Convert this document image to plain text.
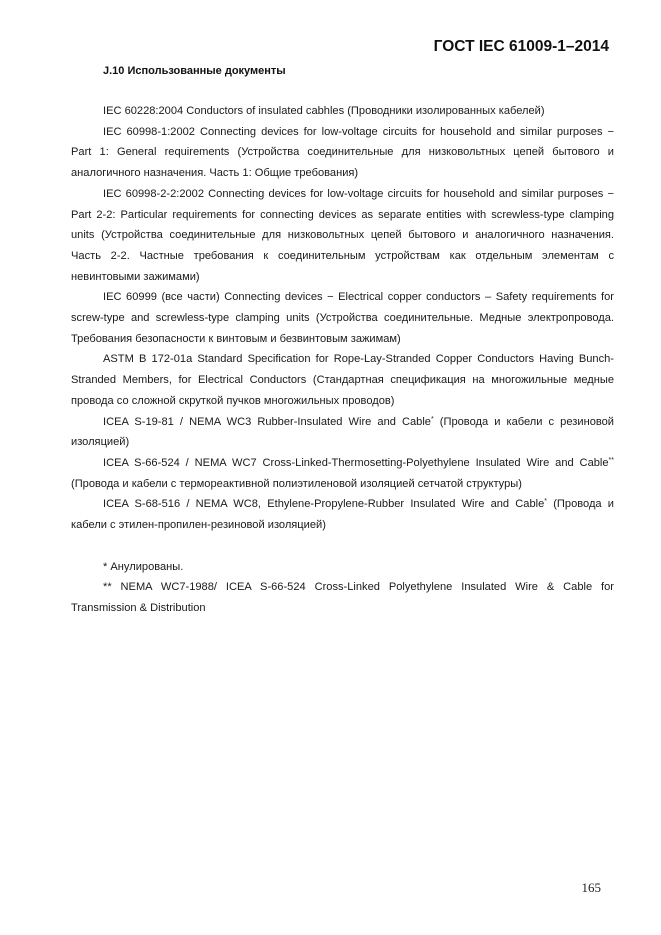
ГОСТ IEC 61009-1–2014
J.10 Использованные документы

IEC 60228:2004 Conductors of insulated cabhles (Проводники изолированных кабелей)

IEC 60998-1:2002 Connecting devices for low-voltage circuits for household and similar purposes − Part 1: General requirements (Устройства соединительные для низковольтных цепей бытового и аналогичного назначения. Часть 1: Общие требования)

IEC 60998-2-2:2002 Connecting devices for low-voltage circuits for household and similar purposes − Part 2-2: Particular requirements for connecting devices as separate entities with screwless-type clamping units (Устройства соединительные для низковольтных цепей бытового и аналогичного назначения. Часть 2-2. Частные требования к соединительным устройствам как отдельным элементам с невинтовыми зажимами)

IEC 60999 (все части) Connecting devices − Electrical copper conductors – Safety requirements for screw-type and screwless-type clamping units (Устройства соединительные. Медные электропровода. Требования безопасности к винтовым и безвинтовым зажимам)

ASTM B 172-01a Standard Specification for Rope-Lay-Stranded Copper Conductors Having Bunch-Stranded Members, for Electrical Conductors (Стандартная спецификация на многожильные медные провода со сложной скруткой пучков многожильных проводов)

ICEA S-19-81 / NEMA WC3 Rubber-Insulated Wire and Cable* (Провода и кабели с резиновой изоляцией)

ICEA S-66-524 / NEMA WC7 Cross-Linked-Thermosetting-Polyethylene Insulated Wire and Cable** (Провода и кабели с термореактивной полиэтиленовой изоляцией сетчатой структуры)

ICEA S-68-516 / NEMA WC8, Ethylene-Propylene-Rubber Insulated Wire and Cable* (Провода и кабели с этилен-пропилен-резиновой изоляцией)

* Анулированы.

** NEMA WC7-1988/ ICEA S-66-524 Cross-Linked Polyethylene Insulated Wire & Cable for Transmission & Distribution

165
